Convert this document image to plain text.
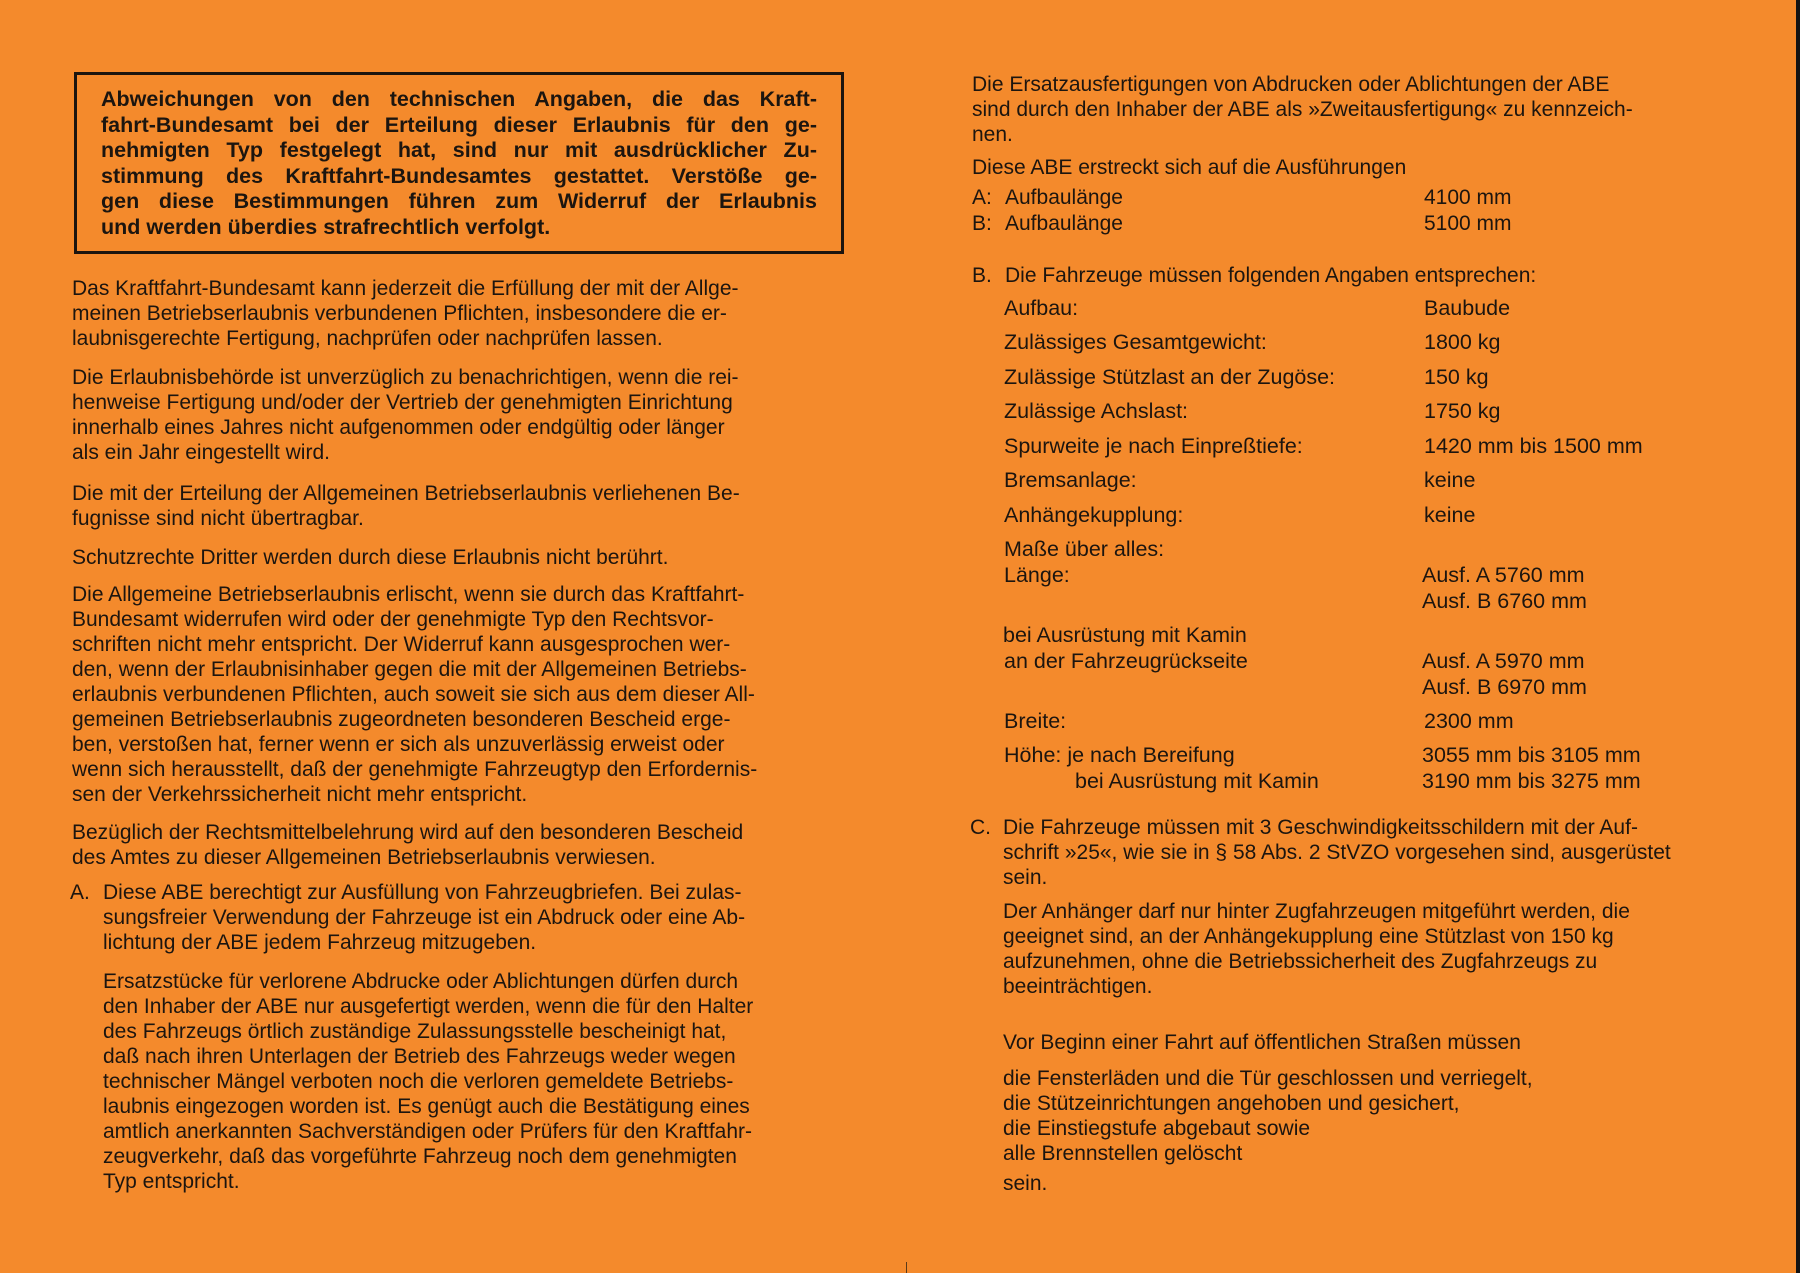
Abweichungen von den technischen Angaben, die das Kraft-

fahrt-Bundesamt bei der Erteilung dieser Erlaubnis für den ge-

nehmigten Typ festgelegt hat, sind nur mit ausdrücklicher Zu-

stimmung des Kraftfahrt-Bundesamtes gestattet. Verstöße ge-

gen diese Bestimmungen führen zum Widerruf der Erlaubnis

und werden überdies strafrechtlich verfolgt.

Das Kraftfahrt-Bundesamt kann jederzeit die Erfüllung der mit der Allge-

meinen Betriebserlaubnis verbundenen Pflichten, insbesondere die er-

laubnisgerechte Fertigung, nachprüfen oder nachprüfen lassen.

Die Erlaubnisbehörde ist unverzüglich zu benachrichtigen, wenn die rei-

henweise Fertigung und/oder der Vertrieb der genehmigten Einrichtung

innerhalb eines Jahres nicht aufgenommen oder endgültig oder länger

als ein Jahr eingestellt wird.

Die mit der Erteilung der Allgemeinen Betriebserlaubnis verliehenen Be-

fugnisse sind nicht übertragbar.

Schutzrechte Dritter werden durch diese Erlaubnis nicht berührt.

Die Allgemeine Betriebserlaubnis erlischt, wenn sie durch das Kraftfahrt-

Bundesamt widerrufen wird oder der genehmigte Typ den Rechtsvor-

schriften nicht mehr entspricht. Der Widerruf kann ausgesprochen wer-

den, wenn der Erlaubnisinhaber gegen die mit der Allgemeinen Betriebs-

erlaubnis verbundenen Pflichten, auch soweit sie sich aus dem dieser All-

gemeinen Betriebserlaubnis zugeordneten besonderen Bescheid erge-

ben, verstoßen hat, ferner wenn er sich als unzuverlässig erweist oder

wenn sich herausstellt, daß der genehmigte Fahrzeugtyp den Erfordernis-

sen der Verkehrssicherheit nicht mehr entspricht.

Bezüglich der Rechtsmittelbelehrung wird auf den besonderen Bescheid

des Amtes zu dieser Allgemeinen Betriebserlaubnis verwiesen.

A. Diese ABE berechtigt zur Ausfüllung von Fahrzeugbriefen. Bei zulas-

sungsfreier Verwendung der Fahrzeuge ist ein Abdruck oder eine Ab-

lichtung der ABE jedem Fahrzeug mitzugeben.

Ersatzstücke für verlorene Abdrucke oder Ablichtungen dürfen durch

den Inhaber der ABE nur ausgefertigt werden, wenn die für den Halter

des Fahrzeugs örtlich zuständige Zulassungsstelle bescheinigt hat,

daß nach ihren Unterlagen der Betrieb des Fahrzeugs weder wegen

technischer Mängel verboten noch die verloren gemeldete Betriebs-

laubnis eingezogen worden ist. Es genügt auch die Bestätigung eines

amtlich anerkannten Sachverständigen oder Prüfers für den Kraftfahr-

zeugverkehr, daß das vorgeführte Fahrzeug noch dem genehmigten

Typ entspricht.

Die Ersatzausfertigungen von Abdrucken oder Ablichtungen der ABE

sind durch den Inhaber der ABE als »Zweitausfertigung« zu kennzeich-

nen.

Diese ABE erstreckt sich auf die Ausführungen
A: Aufbaulänge	4100 mm
B: Aufbaulänge	5100 mm
B. Die Fahrzeuge müssen folgenden Angaben entsprechen:
Aufbau:	Baubude
Zulässiges Gesamtgewicht:	1800 kg
Zulässige Stützlast an der Zugöse:	150 kg
Zulässige Achslast:	1750 kg
Spurweite je nach Einpreßtiefe:	1420 mm bis 1500 mm
Bremsanlage:	keine
Anhängekupplung:	keine
Maße über alles:
Länge:	Ausf. A 5760 mm
Ausf. B 6760 mm
bei Ausrüstung mit Kamin
an der Fahrzeugrückseite	Ausf. A 5970 mm
Ausf. B 6970 mm
Breite:	2300 mm
Höhe: je nach Bereifung	3055 mm bis 3105 mm
bei Ausrüstung mit Kamin	3190 mm bis 3275 mm
C. Die Fahrzeuge müssen mit 3 Geschwindigkeitsschildern mit der Auf-

schrift »25«, wie sie in § 58 Abs. 2 StVZO vorgesehen sind, ausgerüstet

sein.

Der Anhänger darf nur hinter Zugfahrzeugen mitgeführt werden, die

geeignet sind, an der Anhängekupplung eine Stützlast von 150 kg

aufzunehmen, ohne die Betriebssicherheit des Zugfahrzeugs zu

beeinträchtigen.

Vor Beginn einer Fahrt auf öffentlichen Straßen müssen

die Fensterläden und die Tür geschlossen und verriegelt,

die Stützeinrichtungen angehoben und gesichert,

die Einstiegstufe abgebaut sowie

alle Brennstellen gelöscht

sein.
